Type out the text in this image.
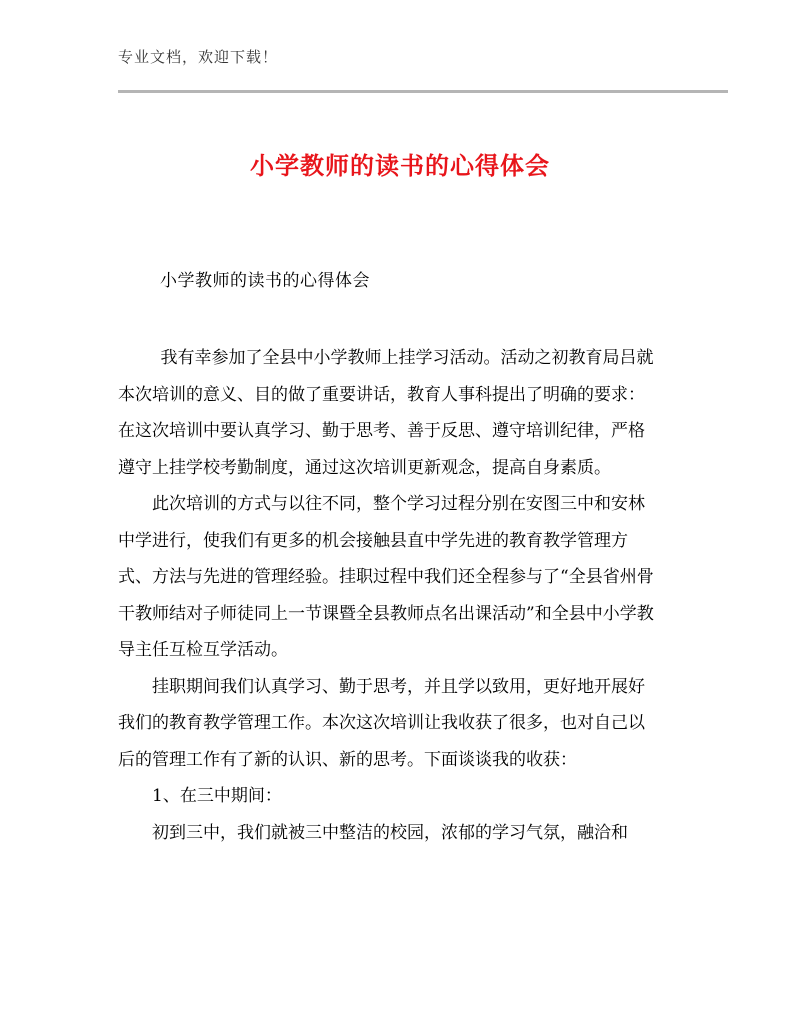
专业文档，欢迎下载！
小学教师的读书的心得体会
小学教师的读书的心得体会

我有幸参加了全县中小学教师上挂学习活动。活动之初教育局吕就本次培训的意义、目的做了重要讲话，教育人事科提出了明确的要求：在这次培训中要认真学习、勤于思考、善于反思、遵守培训纪律，严格遵守上挂学校考勤制度，通过这次培训更新观念，提高自身素质。

此次培训的方式与以往不同，整个学习过程分别在安图三中和安林中学进行，使我们有更多的机会接触县直中学先进的教育教学管理方式、方法与先进的管理经验。挂职过程中我们还全程参与了“全县省州骨干教师结对子师徒同上一节课暨全县教师点名出课活动”和全县中小学教导主任互检互学活动。

挂职期间我们认真学习、勤于思考，并且学以致用，更好地开展好我们的教育教学管理工作。本次这次培训让我收获了很多，也对自己以后的管理工作有了新的认识、新的思考。下面谈谈我的收获：

1、在三中期间：

初到三中，我们就被三中整洁的校园，浓郁的学习气氛，融洽和
